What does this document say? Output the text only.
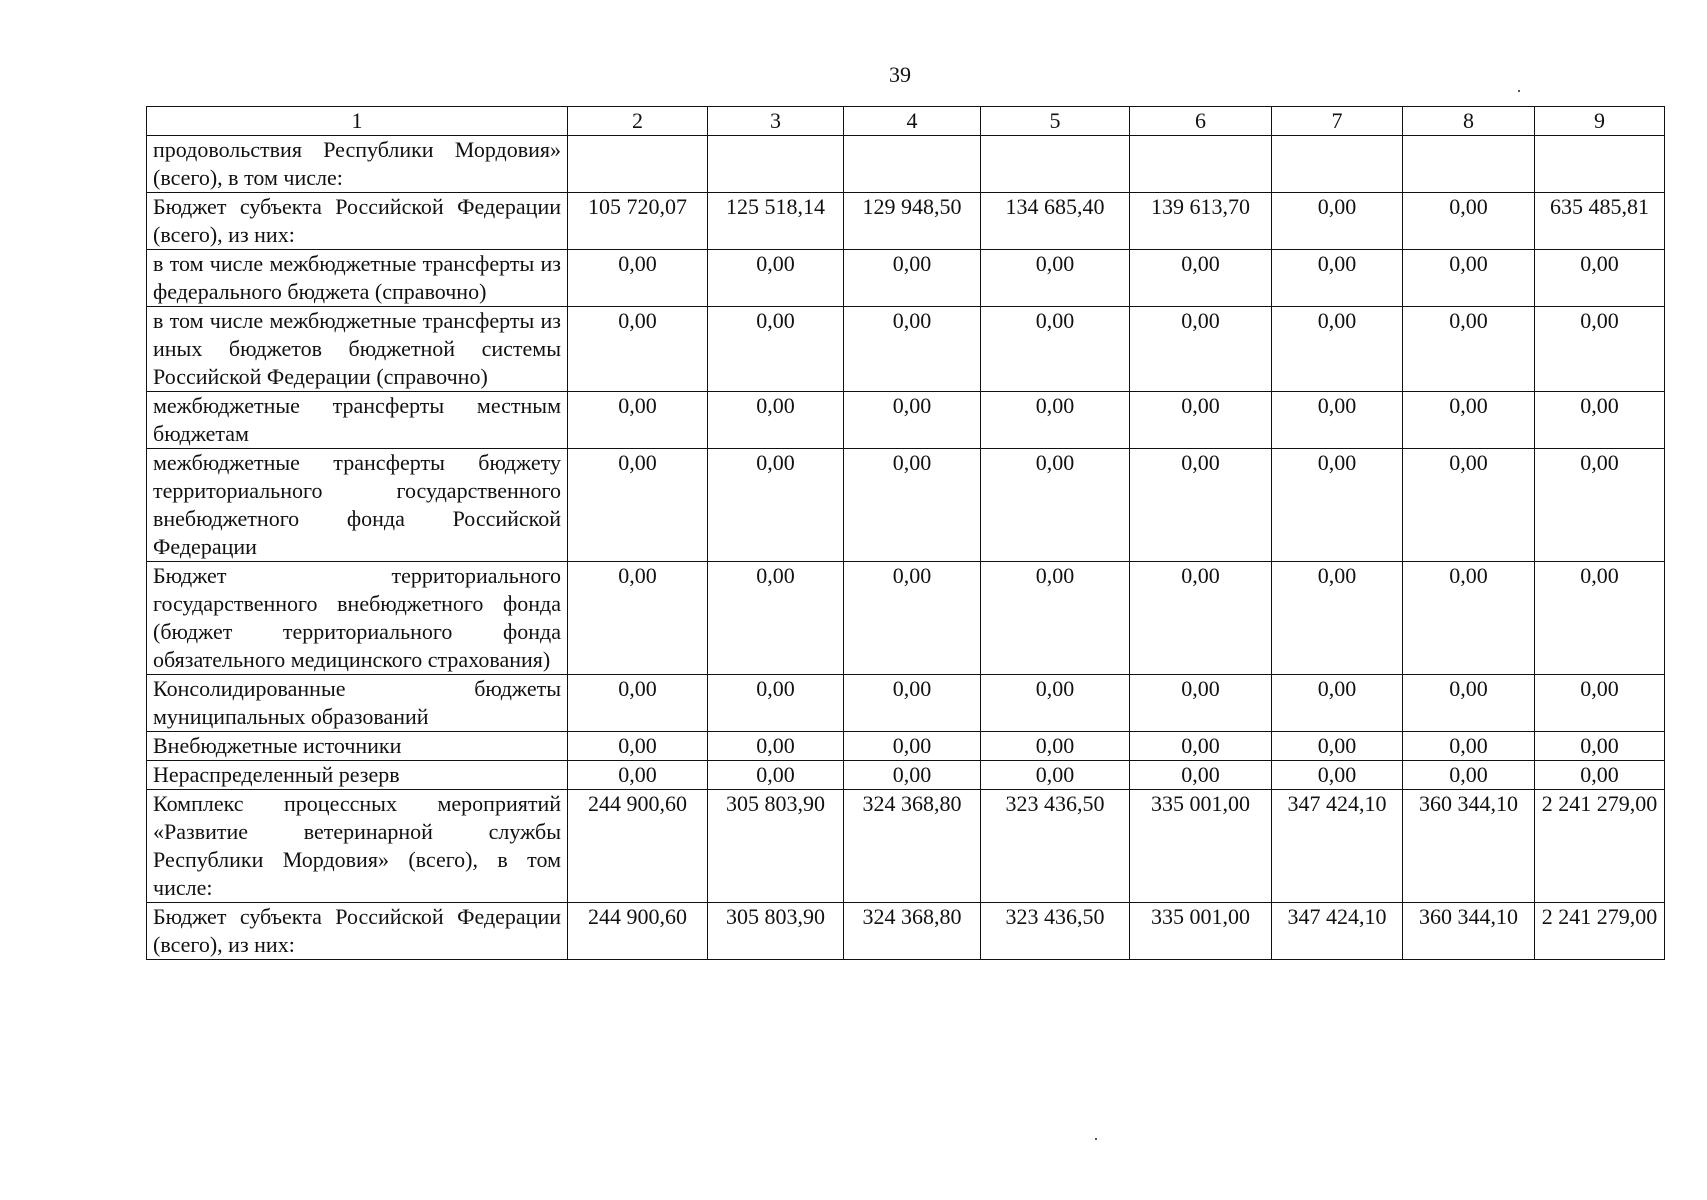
39
1	2	3	4	5	6	7	8	9
продовольствия Республики Мордовия» (всего), в том числе:								
Бюджет субъекта Российской Федерации (всего), из них:	105 720,07	125 518,14	129 948,50	134 685,40	139 613,70	0,00	0,00	635 485,81
в том числе межбюджетные трансферты из федерального бюджета (справочно)	0,00	0,00	0,00	0,00	0,00	0,00	0,00	0,00
в том числе межбюджетные трансферты из иных бюджетов бюджетной системы Российской Федерации (справочно)	0,00	0,00	0,00	0,00	0,00	0,00	0,00	0,00
межбюджетные трансферты местным бюджетам	0,00	0,00	0,00	0,00	0,00	0,00	0,00	0,00
межбюджетные трансферты бюджету территориального государственного внебюджетного фонда Российской Федерации	0,00	0,00	0,00	0,00	0,00	0,00	0,00	0,00
Бюджет территориального государственного внебюджетного фонда (бюджет территориального фонда обязательного медицинского страхования)	0,00	0,00	0,00	0,00	0,00	0,00	0,00	0,00
Консолидированные бюджеты муниципальных образований	0,00	0,00	0,00	0,00	0,00	0,00	0,00	0,00
Внебюджетные источники	0,00	0,00	0,00	0,00	0,00	0,00	0,00	0,00
Нераспределенный резерв	0,00	0,00	0,00	0,00	0,00	0,00	0,00	0,00
Комплекс процессных мероприятий «Развитие ветеринарной службы Республики Мордовия» (всего), в том числе:	244 900,60	305 803,90	324 368,80	323 436,50	335 001,00	347 424,10	360 344,10	2 241 279,00
Бюджет субъекта Российской Федерации (всего), из них:	244 900,60	305 803,90	324 368,80	323 436,50	335 001,00	347 424,10	360 344,10	2 241 279,00
